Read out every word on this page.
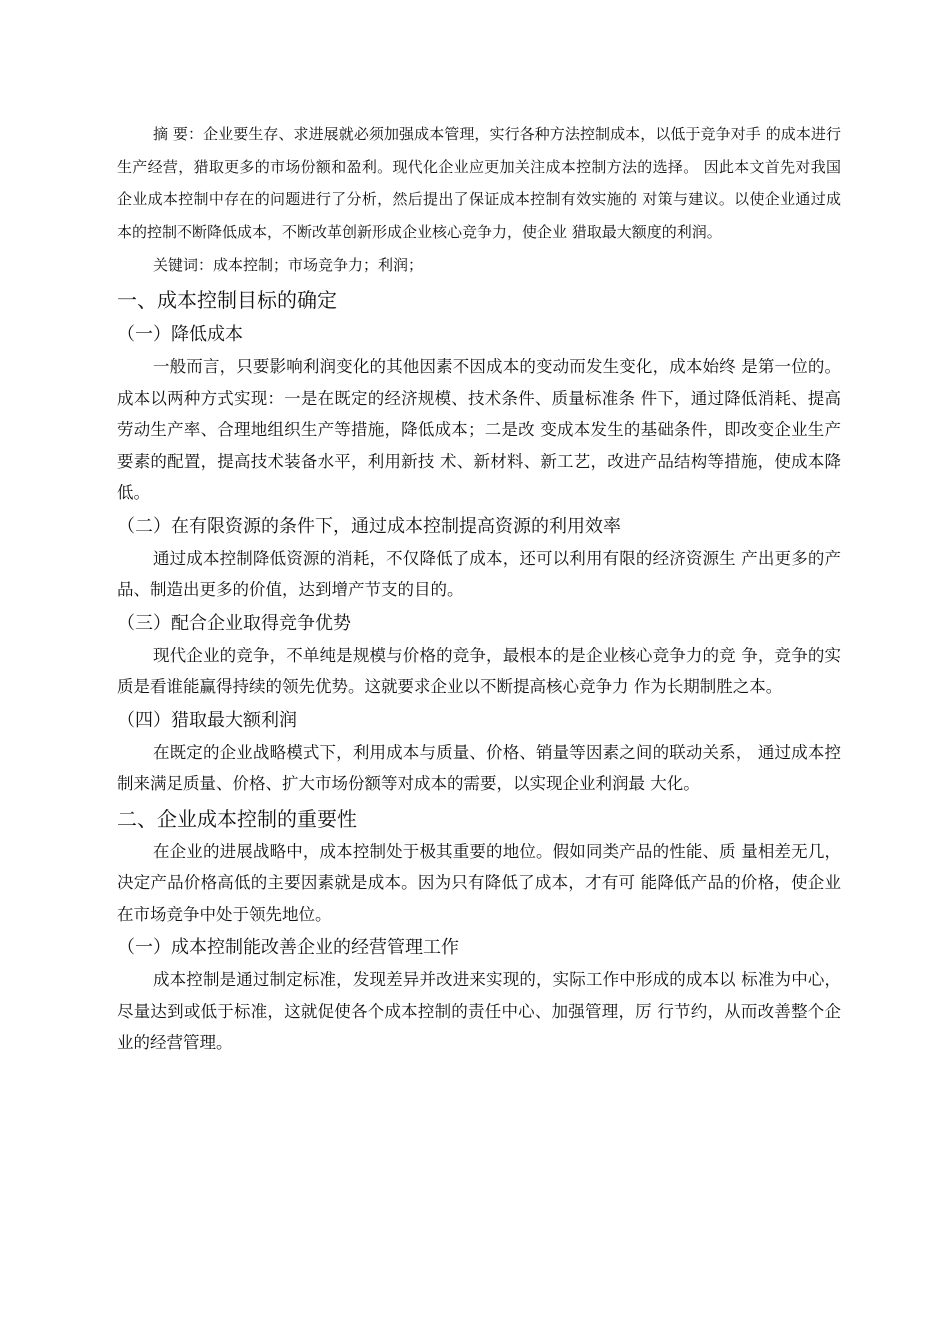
摘 要：企业要生存、求进展就必须加强成本管理，实行各种方法控制成本，以低于竞争对手 的成本进行生产经营，猎取更多的市场份额和盈利。现代化企业应更加关注成本控制方法的选择。 因此本文首先对我国企业成本控制中存在的问题进行了分析，然后提出了保证成本控制有效实施的 对策与建议。以使企业通过成本的控制不断降低成本，不断改革创新形成企业核心竞争力，使企业 猎取最大额度的利润。

关键词：成本控制；市场竞争力；利润；

一、成本控制目标的确定

（一）降低成本

一般而言，只要影响利润变化的其他因素不因成本的变动而发生变化，成本始终 是第一位的。成本以两种方式实现：一是在既定的经济规模、技术条件、质量标准条 件下，通过降低消耗、提高劳动生产率、合理地组织生产等措施，降低成本；二是改 变成本发生的基础条件，即改变企业生产要素的配置，提高技术装备水平，利用新技 术、新材料、新工艺，改进产品结构等措施，使成本降低。

（二）在有限资源的条件下，通过成本控制提高资源的利用效率

通过成本控制降低资源的消耗，不仅降低了成本，还可以利用有限的经济资源生 产出更多的产品、制造出更多的价值，达到增产节支的目的。

（三）配合企业取得竞争优势

现代企业的竞争，不单纯是规模与价格的竞争，最根本的是企业核心竞争力的竞 争，竞争的实质是看谁能赢得持续的领先优势。这就要求企业以不断提高核心竞争力 作为长期制胜之本。

（四）猎取最大额利润

在既定的企业战略模式下，利用成本与质量、价格、销量等因素之间的联动关系， 通过成本控制来满足质量、价格、扩大市场份额等对成本的需要，以实现企业利润最 大化。

二、企业成本控制的重要性

在企业的进展战略中，成本控制处于极其重要的地位。假如同类产品的性能、质 量相差无几，决定产品价格高低的主要因素就是成本。因为只有降低了成本，才有可 能降低产品的价格，使企业在市场竞争中处于领先地位。

（一）成本控制能改善企业的经营管理工作

成本控制是通过制定标准，发现差异并改进来实现的，实际工作中形成的成本以 标准为中心，尽量达到或低于标准，这就促使各个成本控制的责任中心、加强管理，厉 行节约，从而改善整个企业的经营管理。
